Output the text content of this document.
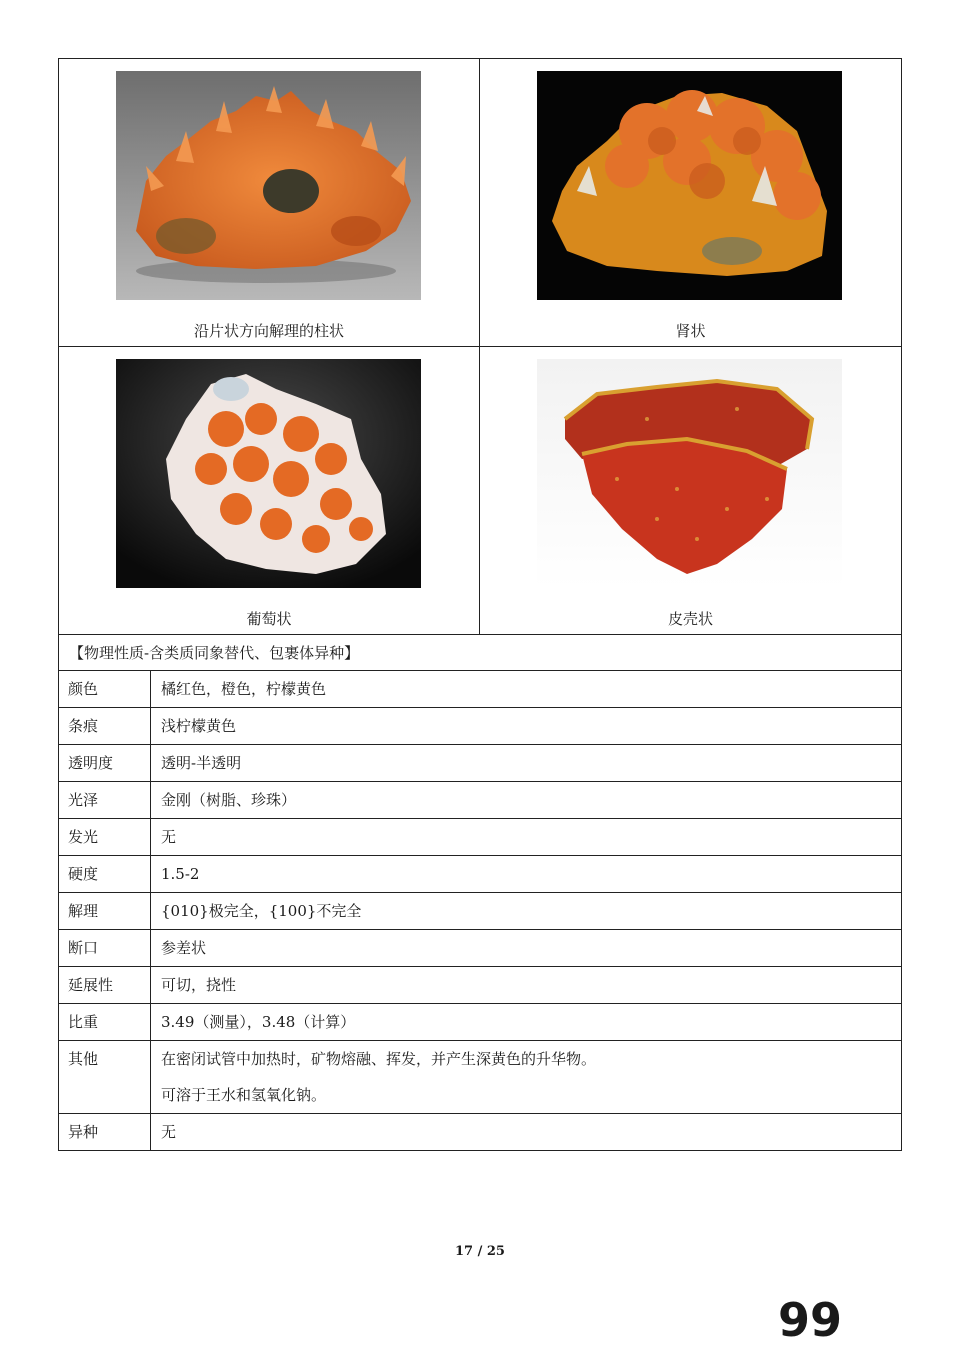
沿片状方向解理的柱状	肾状
葡萄状	皮壳状
【物理性质-含类质同象替代、包裹体异种】
颜色	橘红色，橙色，柠檬黄色
条痕	浅柠檬黄色
透明度	透明-半透明
光泽	金刚（树脂、珍珠）
发光	无
硬度	1.5-2
解理	{010}极完全，{100}不完全
断口	参差状
延展性	可切，挠性
比重	3.49（测量），3.48（计算）
其他	在密闭试管中加热时，矿物熔融、挥发，并产生深黄色的升华物。
可溶于王水和氢氧化钠。
异种	无
17 / 25
99
